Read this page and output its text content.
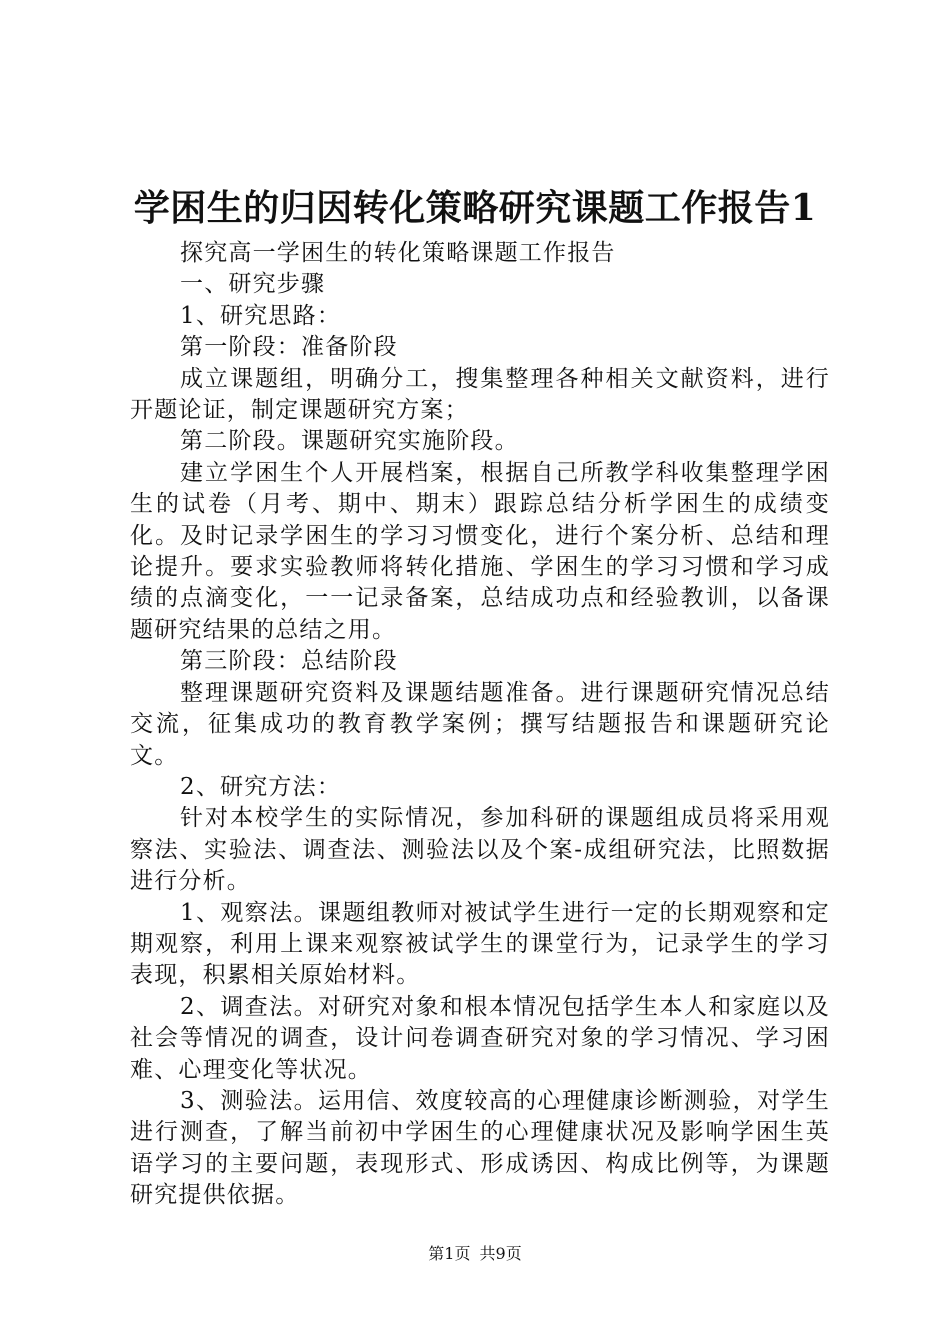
学困生的归因转化策略研究课题工作报告1

探究高一学困生的转化策略课题工作报告

一、研究步骤

1、研究思路：

第一阶段：准备阶段

成立课题组，明确分工，搜集整理各种相关文献资料，进行开题论证，制定课题研究方案；

第二阶段。课题研究实施阶段。

建立学困生个人开展档案，根据自己所教学科收集整理学困生的试卷（月考、期中、期末）跟踪总结分析学困生的成绩变化。及时记录学困生的学习习惯变化，进行个案分析、总结和理论提升。要求实验教师将转化措施、学困生的学习习惯和学习成绩的点滴变化，一一记录备案，总结成功点和经验教训，以备课题研究结果的总结之用。

第三阶段：总结阶段

整理课题研究资料及课题结题准备。进行课题研究情况总结交流，征集成功的教育教学案例；撰写结题报告和课题研究论文。

2、研究方法：

针对本校学生的实际情况，参加科研的课题组成员将采用观察法、实验法、调查法、测验法以及个案-成组研究法，比照数据进行分析。

1、观察法。课题组教师对被试学生进行一定的长期观察和定期观察，利用上课来观察被试学生的课堂行为，记录学生的学习表现，积累相关原始材料。

2、调查法。对研究对象和根本情况包括学生本人和家庭以及社会等情况的调查，设计问卷调查研究对象的学习情况、学习困难、心理变化等状况。

3、测验法。运用信、效度较高的心理健康诊断测验，对学生进行测查，了解当前初中学困生的心理健康状况及影响学困生英语学习的主要问题，表现形式、形成诱因、构成比例等，为课题研究提供依据。

第1页 共9页
